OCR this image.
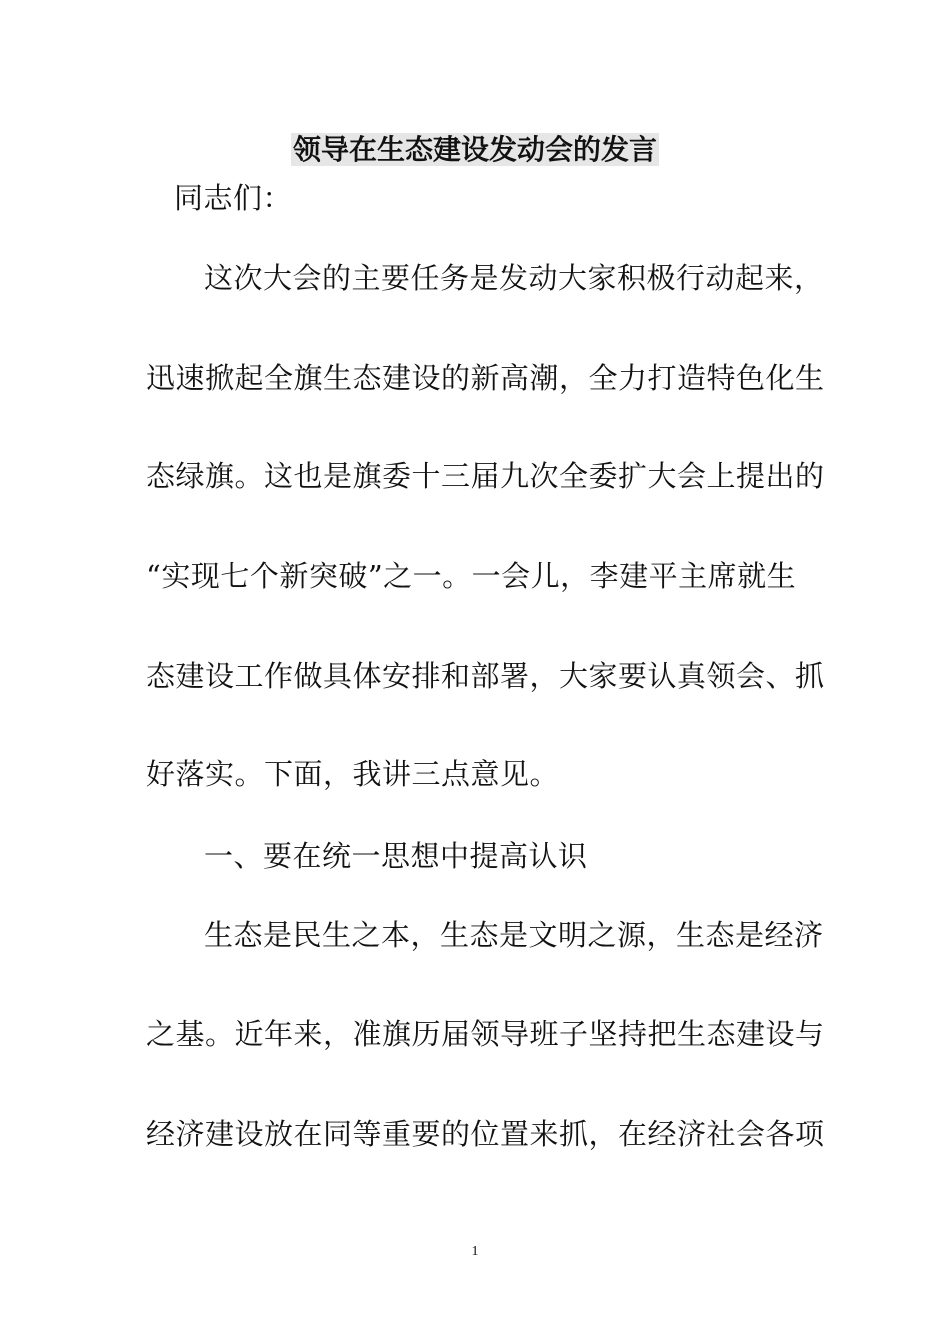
领导在生态建设发动会的发言
同志们：
这次大会的主要任务是发动大家积极行动起来，
迅速掀起全旗生态建设的新高潮，全力打造特色化生
态绿旗。这也是旗委十三届九次全委扩大会上提出的
“实现七个新突破”之一。一会儿，李建平主席就生
态建设工作做具体安排和部署，大家要认真领会、抓
好落实。下面，我讲三点意见。
一、要在统一思想中提高认识
生态是民生之本，生态是文明之源，生态是经济
之基。近年来，准旗历届领导班子坚持把生态建设与
经济建设放在同等重要的位置来抓，在经济社会各项
1
